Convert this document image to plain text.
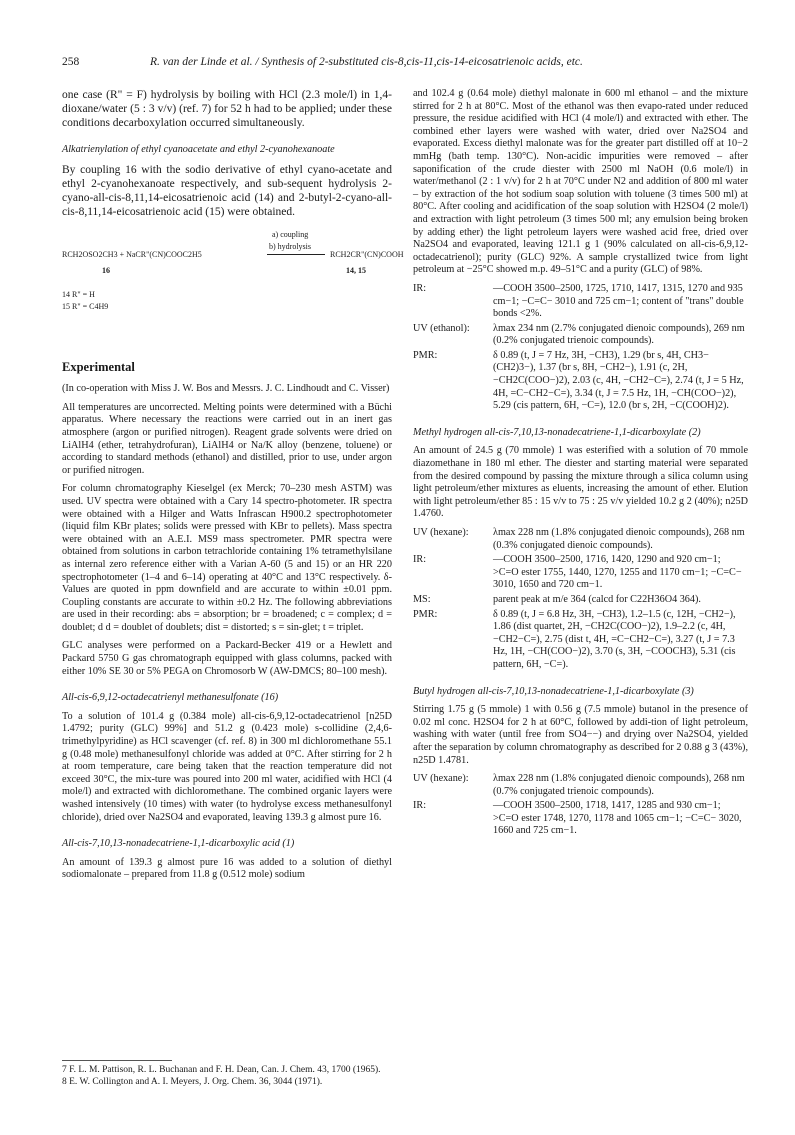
258	R. van der Linde et al. / Synthesis of 2-substituted cis-8,cis-11,cis-14-eicosatrienoic acids, etc.

one case (R" = F) hydrolysis by boiling with HCl (2.3 mole/l) in 1,4-dioxane/water (5 : 3 v/v) (ref. 7) for 52 h had to be applied; under these conditions decarboxylation occurred simultaneously.

Alkatrienylation of ethyl cyanoacetate and ethyl 2-cyanohexanoate

By coupling 16 with the sodio derivative of ethyl cyano-acetate and ethyl 2-cyanohexanoate respectively, and sub-sequent hydrolysis 2-cyano-all-cis-8,11,14-eicosatrienoic acid (14) and 2-butyl-2-cyano-all-cis-8,11,14-eicosatrienoic acid (15) were obtained.

a) coupling
RCH2OSO2CH3 + NaCR"(CN)COOC2H5
b) hydrolysis
RCH2CR"(CN)COOH
16	14, 15
14 R" = H
15 R" = C4H9
Experimental

(In co-operation with Miss J. W. Bos and Messrs. J. C. Lindhoudt and C. Visser)

All temperatures are uncorrected. Melting points were determined with a Büchi apparatus. Where necessary the reactions were carried out in an inert gas atmosphere (argon or purified nitrogen). Reagent grade solvents were dried on LiAlH4 (ether, tetrahydrofuran), LiAlH4 or Na/K alloy (benzene, toluene) or according to standard methods (ethanol) and distilled, prior to use, under argon or purified nitrogen.

For column chromatography Kieselgel (ex Merck; 70–230 mesh ASTM) was used. UV spectra were obtained with a Cary 14 spectro-photometer. IR spectra were obtained with a Hilger and Watts Infrascan H900.2 spectrophotometer (liquid film KBr plates; solids were pressed with KBr to pellets). Mass spectra were obtained with an A.E.I. MS9 mass spectrometer. PMR spectra were obtained from solutions in carbon tetrachloride containing 1% tetramethylsilane as internal zero reference either with a Varian A-60 (5 and 15) or an HR 220 spectrophotometer (1–4 and 6–14) operating at 40°C and 13°C respectively. δ-Values are quoted in ppm downfield and are accurate to within ±0.01 ppm. Coupling constants are accurate to within ±0.2 Hz. The following abbreviations are used in their recording: abs = absorption; br = broadened; c = complex; d = doublet; d d = doublet of doublets; dist = distorted; s = sin-glet; t = triplet.

GLC analyses were performed on a Packard-Becker 419 or a Hewlett and Packard 5750 G gas chromatograph equipped with glass columns, packed with either 10% SE 30 or 5% PEGA on Chromosorb W (AW-DMCS; 80–100 mesh).

All-cis-6,9,12-octadecatrienyl methanesulfonate (16)

To a solution of 101.4 g (0.384 mole) all-cis-6,9,12-octadecatrienol [n25D 1.4792; purity (GLC) 99%] and 51.2 g (0.423 mole) s-collidine (2,4,6-trimethylpyridine) as HCl scavenger (cf. ref. 8) in 300 ml dichloromethane 55.1 g (0.48 mole) methanesulfonyl chloride was added at 0°C. After stirring for 2 h at room temperature, care being taken that the reaction temperature did not exceed 30°C, the mix-ture was poured into 200 ml water, acidified with HCl (4 mole/l) and extracted with dichloromethane. The combined organic layers were washed intensively (10 times) with water (to hydrolyse excess methanesulfonyl chloride), dried over Na2SO4 and evaporated, leaving 139.3 g almost pure 16.

All-cis-7,10,13-nonadecatriene-1,1-dicarboxylic acid (1)

An amount of 139.3 g almost pure 16 was added to a solution of diethyl sodiomalonate – prepared from 11.8 g (0.512 mole) sodium

7 F. L. M. Pattison, R. L. Buchanan and F. H. Dean, Can. J. Chem. 43, 1700 (1965).
8 E. W. Collington and A. I. Meyers, J. Org. Chem. 36, 3044 (1971).

and 102.4 g (0.64 mole) diethyl malonate in 600 ml ethanol – and the mixture stirred for 2 h at 80°C. Most of the ethanol was then evapo-rated under reduced pressure, the residue acidified with HCl (4 mole/l) and extracted with ether. The combined ether layers were washed with water, dried over Na2SO4 and evaporated. Excess diethyl malonate was for the greater part distilled off at 10−2 mmHg (bath temp. 130°C). Non-acidic impurities were removed – after saponification of the crude diester with 2500 ml NaOH (0.6 mole/l) in water/methanol (2 : 1 v/v) for 2 h at 70°C under N2 and addition of 800 ml water – by extraction of the hot sodium soap solution with toluene (3 times 500 ml) at 80°C. After cooling and acidification of the soap solution with H2SO4 (2 mole/l) and extraction with light petroleum (3 times 500 ml; any emulsion being broken by adding ether) the light petroleum layers were washed acid free, dried over Na2SO4 and evaporated, leaving 121.1 g 1 (90% calculated on all-cis-6,9,12-octadecatrienol); purity (GLC) 92%. A sample crystallized twice from light petroleum at −25°C showed m.p. 49–51°C and a purity (GLC) of 98%.

IR:	—COOH 3500–2500, 1725, 1710, 1417, 1315, 1270 and 935 cm−1; −C=C− 3010 and 725 cm−1; content of "trans" double bonds <2%.
UV (ethanol):	λmax 234 nm (2.7% conjugated dienoic compounds), 269 nm (0.2% conjugated trienoic compounds).
PMR:	δ 0.89 (t, J = 7 Hz, 3H, −CH3), 1.29 (br s, 4H, CH3−(CH2)3−), 1.37 (br s, 8H, −CH2−), 1.91 (c, 2H, −CH2C(COO−)2), 2.03 (c, 4H, −CH2−C=), 2.74 (t, J = 5 Hz, 4H, =C−CH2−C=), 3.34 (t, J = 7.5 Hz, 1H, −CH(COO−)2), 5.29 (cis pattern, 6H, −C=), 12.0 (br s, 2H, −C(COOH)2).
Methyl hydrogen all-cis-7,10,13-nonadecatriene-1,1-dicarboxylate (2)

An amount of 24.5 g (70 mmole) 1 was esterified with a solution of 70 mmole diazomethane in 180 ml ether. The diester and starting material were separated from the desired compound by passing the mixture through a silica column using light petroleum/ether mixtures as eluents, increasing the amount of ether. Elution with light petroleum/ether 85 : 15 v/v to 75 : 25 v/v yielded 10.2 g 2 (40%); n25D 1.4760.

UV (hexane):	λmax 228 nm (1.8% conjugated dienoic compounds), 268 nm (0.3% conjugated dienoic compounds).
IR:	—COOH 3500–2500, 1716, 1420, 1290 and 920 cm−1; >C=O ester 1755, 1440, 1270, 1255 and 1170 cm−1; −C=C− 3010, 1650 and 720 cm−1.
MS:	parent peak at m/e 364 (calcd for C22H36O4 364).
PMR:	δ 0.89 (t, J = 6.8 Hz, 3H, −CH3), 1.2–1.5 (c, 12H, −CH2−), 1.86 (dist quartet, 2H, −CH2C(COO−)2), 1.9–2.2 (c, 4H, −CH2−C=), 2.75 (dist t, 4H, =C−CH2−C=), 3.27 (t, J = 7.3 Hz, 1H, −CH(COO−)2), 3.70 (s, 3H, −COOCH3), 5.31 (cis pattern, 6H, −C=).
Butyl hydrogen all-cis-7,10,13-nonadecatriene-1,1-dicarboxylate (3)

Stirring 1.75 g (5 mmole) 1 with 0.56 g (7.5 mmole) butanol in the presence of 0.02 ml conc. H2SO4 for 2 h at 60°C, followed by addi-tion of light petroleum, washing with water (until free from SO4−−) and drying over Na2SO4, yielded after the separation by column chromatography as described for 2 0.88 g 3 (43%), n25D 1.4781.

UV (hexane):	λmax 228 nm (1.8% conjugated dienoic compounds), 268 nm (0.7% conjugated trienoic compounds).
IR:	—COOH 3500–2500, 1718, 1417, 1285 and 930 cm−1; >C=O ester 1748, 1270, 1178 and 1065 cm−1; −C=C− 3020, 1660 and 725 cm−1.
